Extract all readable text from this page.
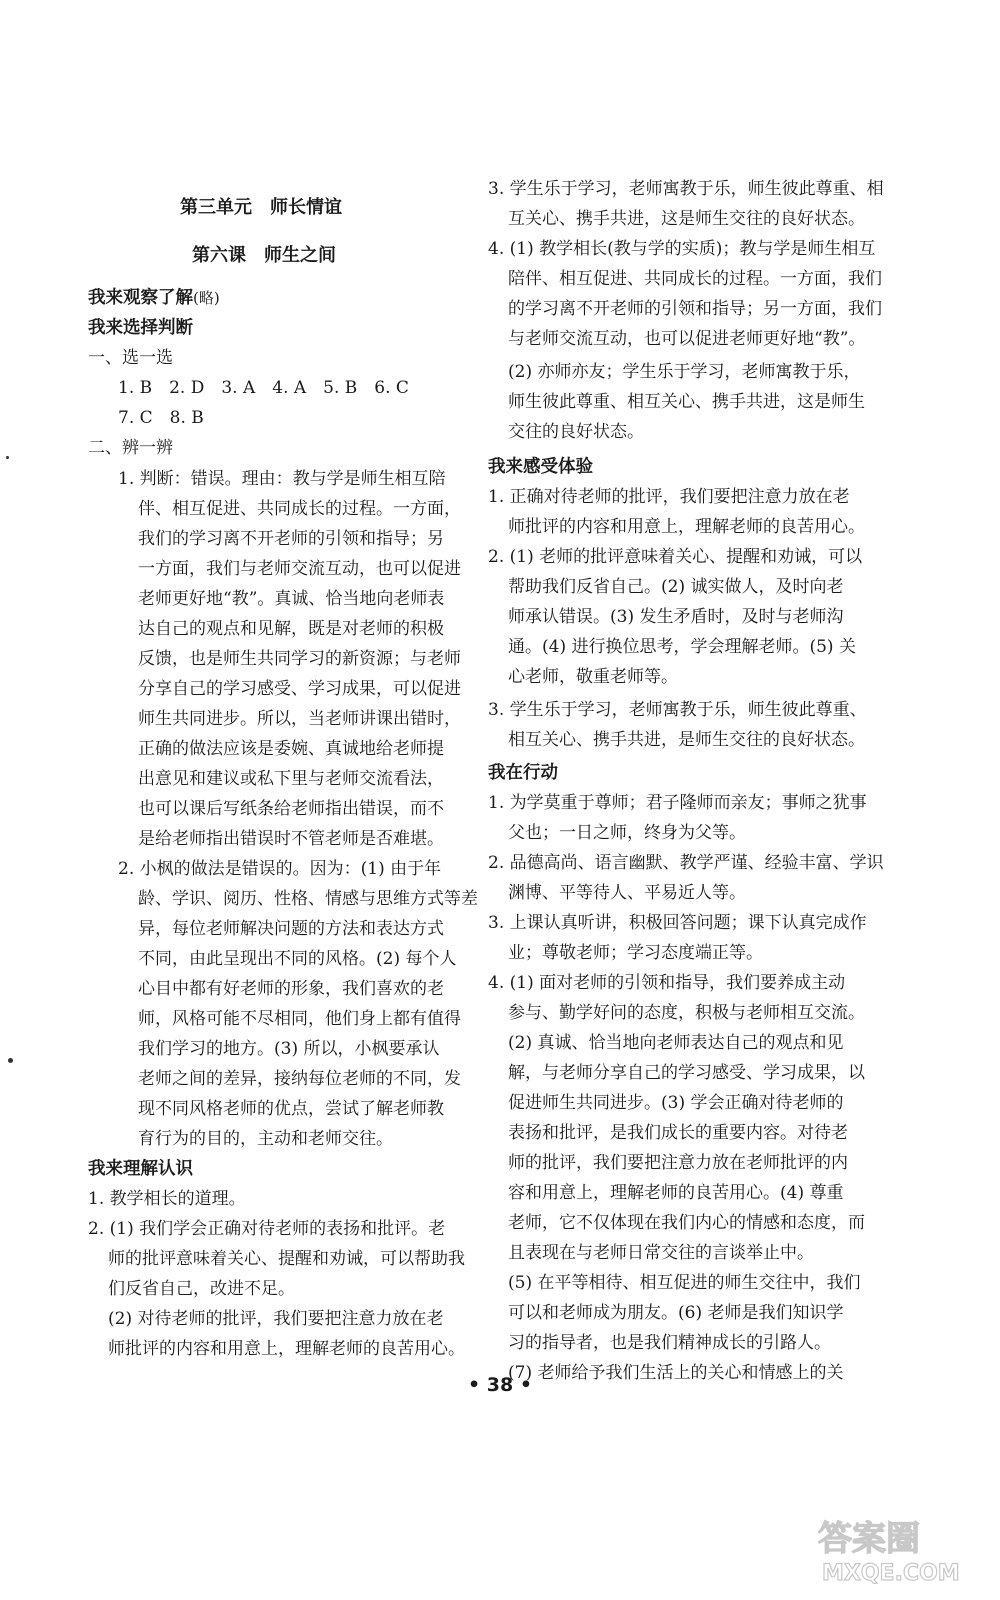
第三单元　师长情谊
第六课　师生之间
我来观察了解(略)
我来选择判断
一、选一选
1. B　2. D　3. A　4. A　5. B　6. C
7. C　8. B
二、辨一辨
1. 判断：错误。理由：教与学是师生相互陪
伴、相互促进、共同成长的过程。一方面，
我们的学习离不开老师的引领和指导；另
一方面，我们与老师交流互动，也可以促进
老师更好地“教”。真诚、恰当地向老师表
达自己的观点和见解，既是对老师的积极
反馈，也是师生共同学习的新资源；与老师
分享自己的学习感受、学习成果，可以促进
师生共同进步。所以，当老师讲课出错时，
正确的做法应该是委婉、真诚地给老师提
出意见和建议或私下里与老师交流看法，
也可以课后写纸条给老师指出错误，而不
是给老师指出错误时不管老师是否难堪。
2. 小枫的做法是错误的。因为：(1) 由于年
龄、学识、阅历、性格、情感与思维方式等差
异，每位老师解决问题的方法和表达方式
不同，由此呈现出不同的风格。(2) 每个人
心目中都有好老师的形象，我们喜欢的老
师，风格可能不尽相同，他们身上都有值得
我们学习的地方。(3) 所以，小枫要承认
老师之间的差异，接纳每位老师的不同，发
现不同风格老师的优点，尝试了解老师教
育行为的目的，主动和老师交往。
我来理解认识
1. 教学相长的道理。
2. (1) 我们学会正确对待老师的表扬和批评。老
师的批评意味着关心、提醒和劝诫，可以帮助我
们反省自己，改进不足。
(2) 对待老师的批评，我们要把注意力放在老
师批评的内容和用意上，理解老师的良苦用心。
3. 学生乐于学习，老师寓教于乐，师生彼此尊重、相
互关心、携手共进，这是师生交往的良好状态。
4. (1) 教学相长(教与学的实质)；教与学是师生相互
陪伴、相互促进、共同成长的过程。一方面，我们
的学习离不开老师的引领和指导；另一方面，我们
与老师交流互动，也可以促进老师更好地“教”。
(2) 亦师亦友；学生乐于学习，老师寓教于乐，
师生彼此尊重、相互关心、携手共进，这是师生
交往的良好状态。
我来感受体验
1. 正确对待老师的批评，我们要把注意力放在老
师批评的内容和用意上，理解老师的良苦用心。
2. (1) 老师的批评意味着关心、提醒和劝诫，可以
帮助我们反省自己。(2) 诚实做人，及时向老
师承认错误。(3) 发生矛盾时，及时与老师沟
通。(4) 进行换位思考，学会理解老师。(5) 关
心老师，敬重老师等。
3. 学生乐于学习，老师寓教于乐，师生彼此尊重、
相互关心、携手共进，是师生交往的良好状态。
我在行动
1. 为学莫重于尊师；君子隆师而亲友；事师之犹事
父也；一日之师，终身为父等。
2. 品德高尚、语言幽默、教学严谨、经验丰富、学识
渊博、平等待人、平易近人等。
3. 上课认真听讲，积极回答问题；课下认真完成作
业；尊敬老师；学习态度端正等。
4. (1) 面对老师的引领和指导，我们要养成主动
参与、勤学好问的态度，积极与老师相互交流。
(2) 真诚、恰当地向老师表达自己的观点和见
解，与老师分享自己的学习感受、学习成果，以
促进师生共同进步。(3) 学会正确对待老师的
表扬和批评，是我们成长的重要内容。对待老
师的批评，我们要把注意力放在老师批评的内
容和用意上，理解老师的良苦用心。(4) 尊重
老师，它不仅体现在我们内心的情感和态度，而
且表现在与老师日常交往的言谈举止中。
(5) 在平等相待、相互促进的师生交往中，我们
可以和老师成为朋友。(6) 老师是我们知识学
习的指导者，也是我们精神成长的引路人。
(7) 老师给予我们生活上的关心和情感上的关
• 38 •
答案圈
MXQE.COM
